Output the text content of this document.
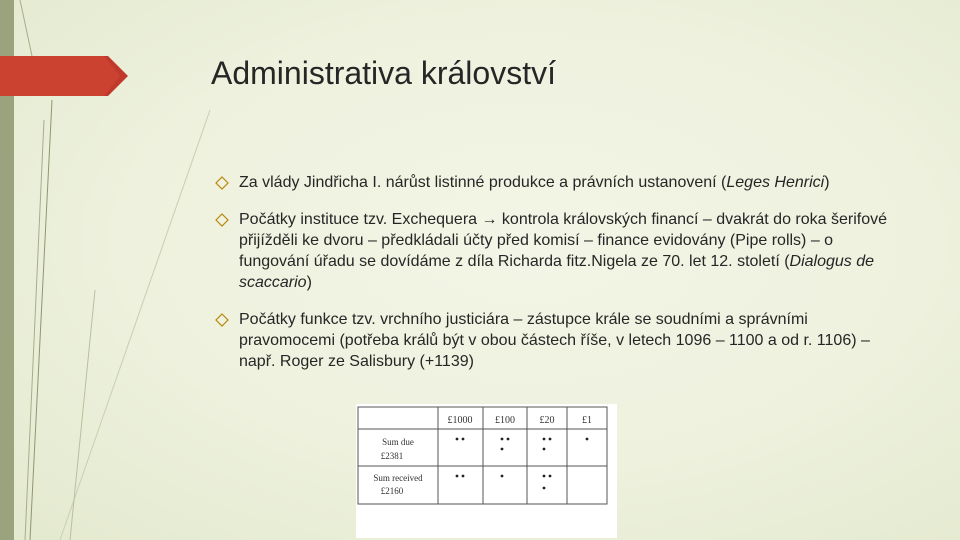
Administrativa království
Za vlády Jindřicha I. nárůst listinné produkce a právních ustanovení (Leges Henrici)
Počátky instituce tzv. Exchequera → kontrola královských financí – dvakrát do roka šerifové přijížděli ke dvoru – předkládali účty před komisí – finance evidovány (Pipe rolls) – o fungování úřadu se dovídáme z díla Richarda fitz.Nigela ze 70. let 12. století (Dialogus de scaccario)
Počátky funkce tzv. vrchního justiciára – zástupce krále se soudními a správními pravomocemi (potřeba králů být v obou částech říše, v letech 1096 – 1100 a od r. 1106) – např. Roger ze Salisbury (+1139)
£1000 £100 £20	£1
Sum due
£2381
Sum received
£2160
